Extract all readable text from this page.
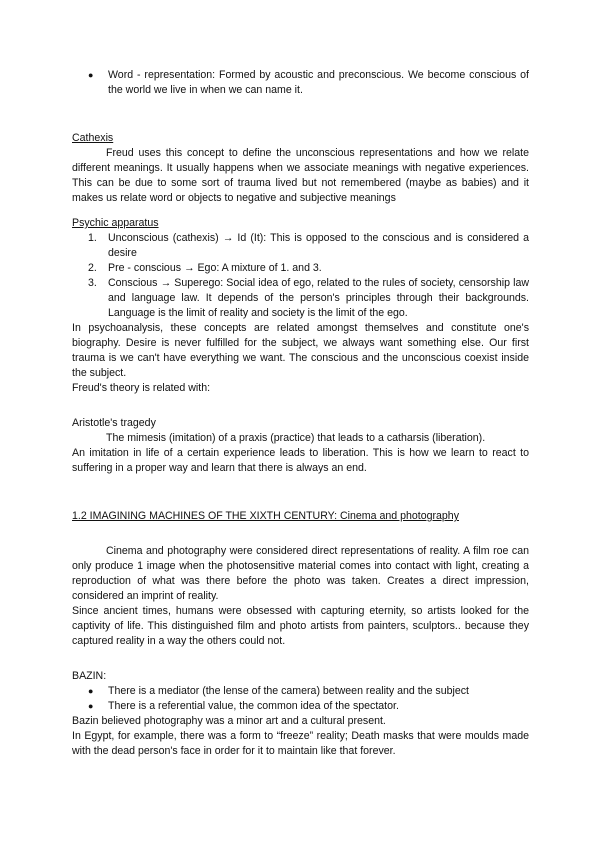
● Word - representation: Formed by acoustic and preconscious. We become conscious of the world we live in when we can name it.

Cathexis

Freud uses this concept to define the unconscious representations and how we relate different meanings. It usually happens when we associate meanings with negative experiences. This can be due to some sort of trauma lived but not remembered (maybe as babies) and it makes us relate word or objects to negative and subjective meanings

Psychic apparatus

1. Unconscious (cathexis) → Id (It): This is opposed to the conscious and is considered a desire
2. Pre - conscious → Ego: A mixture of 1. and 3.
3. Conscious → Superego: Social idea of ego, related to the rules of society, censorship law and language law. It depends of the person's principles through their backgrounds. Language is the limit of reality and society is the limit of the ego.

In psychoanalysis, these concepts are related amongst themselves and constitute one's biography. Desire is never fulfilled for the subject, we always want something else. Our first trauma is we can't have everything we want. The conscious and the unconscious coexist inside the subject.

Freud's theory is related with:

Aristotle's tragedy

The mimesis (imitation) of a praxis (practice) that leads to a catharsis (liberation).

An imitation in life of a certain experience leads to liberation. This is how we learn to react to suffering in a proper way and learn that there is always an end.

1.2 IMAGINING MACHINES OF THE XIXTH CENTURY: Cinema and photography

Cinema and photography were considered direct representations of reality. A film roe can only produce 1 image when the photosensitive material comes into contact with light, creating a reproduction of what was there before the photo was taken. Creates a direct impression, considered an imprint of reality.

Since ancient times, humans were obsessed with capturing eternity, so artists looked for the captivity of life. This distinguished film and photo artists from painters, sculptors.. because they captured reality in a way the others could not.

BAZIN:

● There is a mediator (the lense of the camera) between reality and the subject
● There is a referential value, the common idea of the spectator.

Bazin believed photography was a minor art and a cultural present.

In Egypt, for example, there was a form to “freeze” reality; Death masks that were moulds made with the dead person's face in order for it to maintain like that forever.
